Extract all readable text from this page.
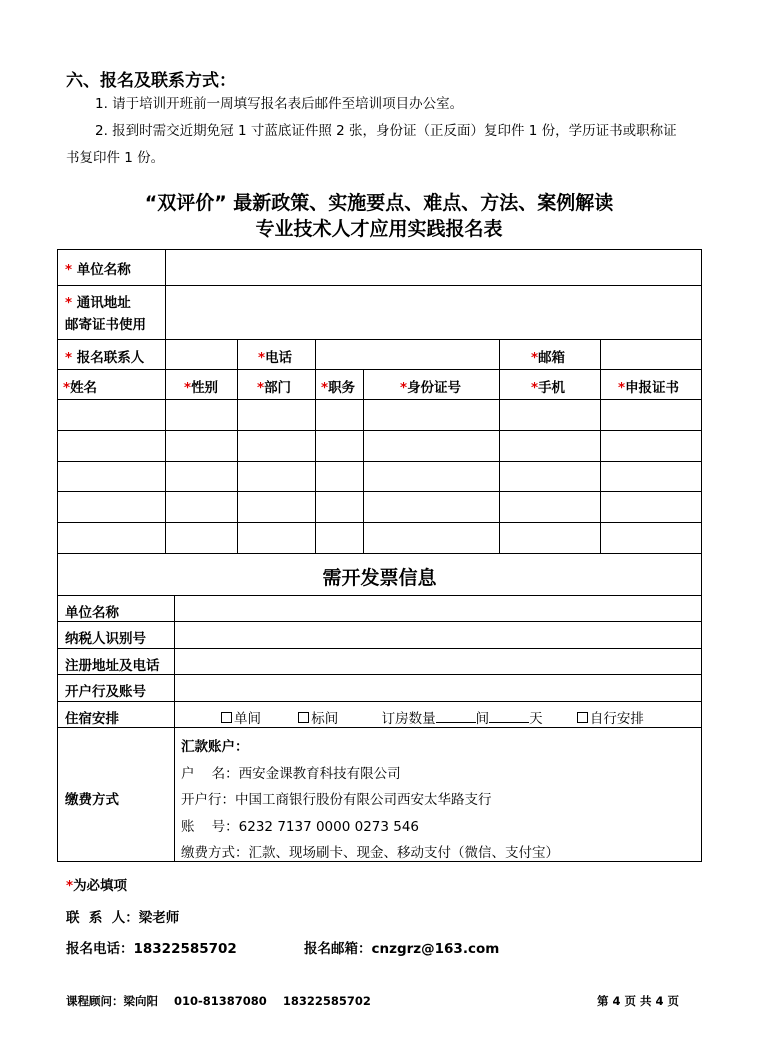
六、报名及联系方式：
1. 请于培训开班前一周填写报名表后邮件至培训项目办公室。
2. 报到时需交近期免冠 1 寸蓝底证件照 2 张，身份证（正反面）复印件 1 份，学历证书或职称证
书复印件 1 份。
“双评价” 最新政策、实施要点、难点、方法、案例解读
专业技术人才应用实践报名表
* 单位名称
* 通讯地址
邮寄证书使用
* 报名联系人	*电话	*邮箱
*姓名	*性别	*部门	*职务	*身份证号	*手机	*申报证书
需开发票信息
单位名称
纳税人识别号
注册地址及电话
开户行及账号
住宿安排	单间	标间	订房数量	间	天	自行安排
缴费方式
汇款账户：
户    名：西安金课教育科技有限公司
开户行：中国工商银行股份有限公司西安太华路支行
账    号：6232 7137 0000 0273 546
缴费方式：汇款、现场刷卡、现金、移动支付（微信、支付宝）
*为必填项
联  系  人：梁老师
报名电话：18322585702	报名邮箱：cnzgrz@163.com
课程顾问：梁向阳    010-81387080    18322585702	第 4 页 共 4 页
